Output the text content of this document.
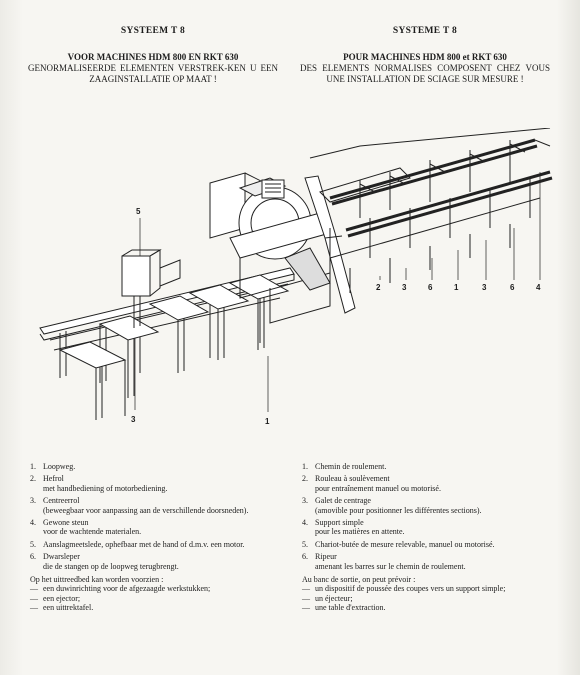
SYSTEEM T 8
VOOR MACHINES HDM 800 EN RKT 630
GENORMALISEERDE ELEMENTEN VERSTREK-KEN U EEN ZAAGINSTALLATIE OP MAAT !
SYSTEME T 8
POUR MACHINES HDM 800 et RKT 630
DES ELEMENTS NORMALISES COMPOSENT CHEZ VOUS UNE INSTALLATION DE SCIAGE SUR MESURE !
5
3	1
2	3	6	1	3	6	4
1. Loopweg.
2. Hefrol
met handbediening of motorbediening.
3. Centreerrol
(beweegbaar voor aanpassing aan de verschillende doorsneden).
4. Gewone steun
voor de wachtende materialen.
5. Aanslagmeetslede, ophefbaar met de hand of d.m.v. een motor.
6. Dwarsleper
die de stangen op de loopweg terugbrengt.
Op het uittreedbed kan worden voorzien :
— een duwinrichting voor de afgezaagde werkstukken;
— een ejector;
— een uittrektafel.
1. Chemin de roulement.
2. Rouleau à soulèvement
pour entraînement manuel ou motorisé.
3. Galet de centrage
(amovible pour positionner les différentes sections).
4. Support simple
pour les matières en attente.
5. Chariot-butée de mesure relevable, manuel ou motorisé.
6. Ripeur
amenant les barres sur le chemin de roulement.
Au banc de sortie, on peut prévoir :
— un dispositif de poussée des coupes vers un support simple;
— un éjecteur;
— une table d'extraction.
